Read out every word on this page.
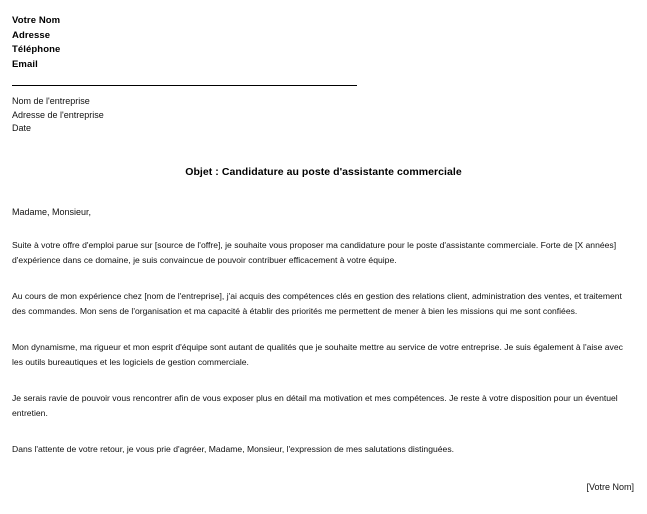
Votre Nom
Adresse
Téléphone
Email
Nom de l'entreprise
Adresse de l'entreprise
Date
Objet : Candidature au poste d'assistante commerciale
Madame, Monsieur,
Suite à votre offre d'emploi parue sur [source de l'offre], je souhaite vous proposer ma candidature pour le poste d'assistante commerciale. Forte de [X années] d'expérience dans ce domaine, je suis convaincue de pouvoir contribuer efficacement à votre équipe.
Au cours de mon expérience chez [nom de l'entreprise], j'ai acquis des compétences clés en gestion des relations client, administration des ventes, et traitement des commandes. Mon sens de l'organisation et ma capacité à établir des priorités me permettent de mener à bien les missions qui me sont confiées.
Mon dynamisme, ma rigueur et mon esprit d'équipe sont autant de qualités que je souhaite mettre au service de votre entreprise. Je suis également à l'aise avec les outils bureautiques et les logiciels de gestion commerciale.
Je serais ravie de pouvoir vous rencontrer afin de vous exposer plus en détail ma motivation et mes compétences. Je reste à votre disposition pour un éventuel entretien.
Dans l'attente de votre retour, je vous prie d'agréer, Madame, Monsieur, l'expression de mes salutations distinguées.
[Votre Nom]
